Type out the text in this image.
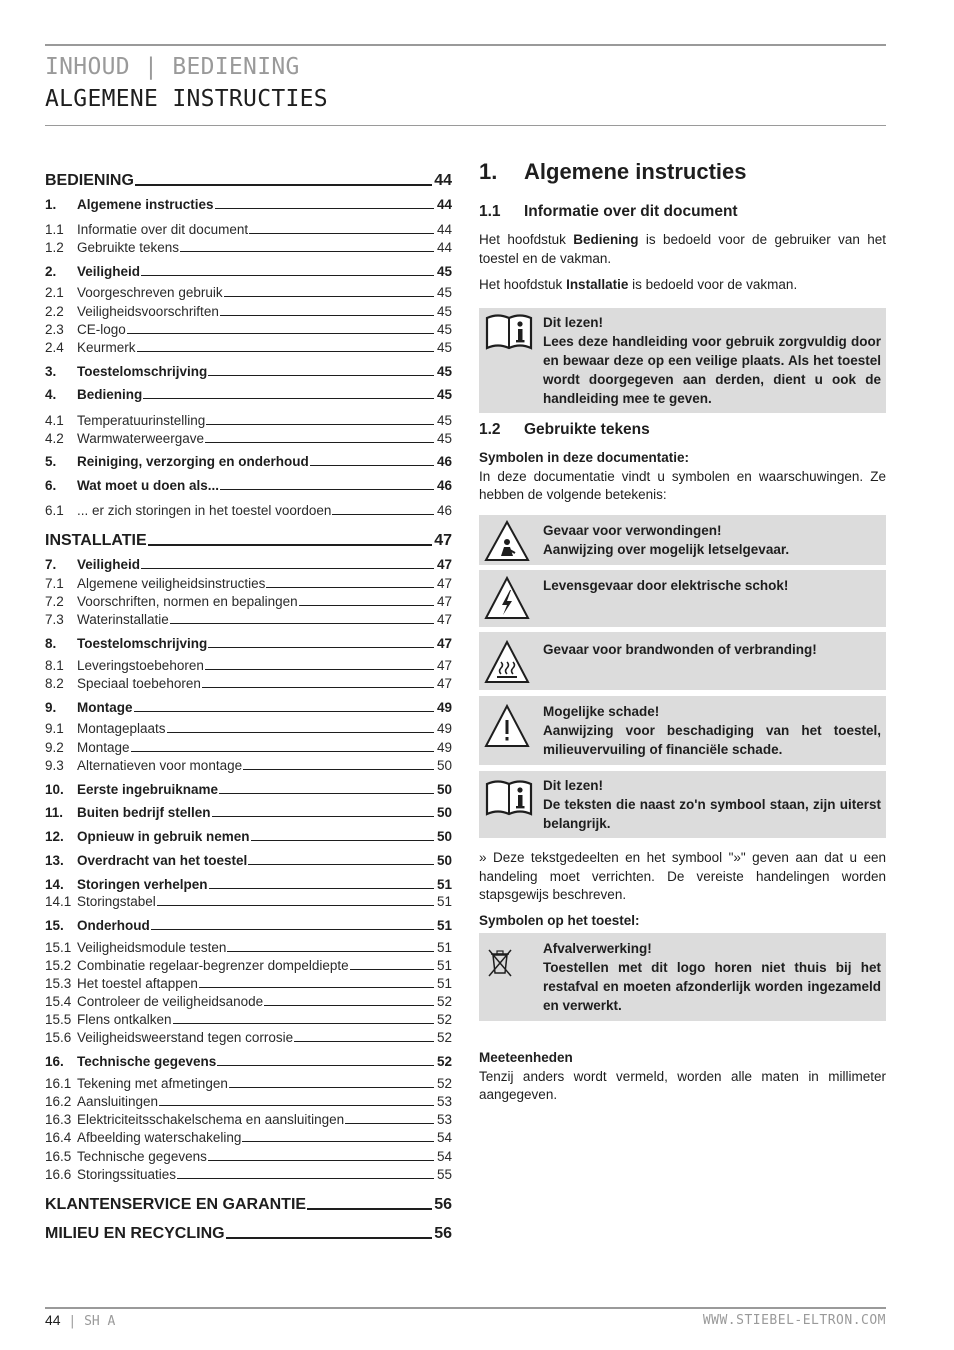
INHOUD | BEDIENING
ALGEMENE INSTRUCTIES
BEDIENING	44
1.	Algemene instructies	44
1.1 Informatie over dit document	44
1.2 Gebruikte tekens	44
2.	Veiligheid	45
2.1 Voorgeschreven gebruik	45
2.2 Veiligheidsvoorschriften	45
2.3 CE-logo	45
2.4 Keurmerk	45
3.	Toestelomschrijving	45
4.	Bediening	45
4.1 Temperatuurinstelling	45
4.2 Warmwaterweergave	45
5.	Reiniging, verzorging en onderhoud	46
6.	Wat moet u doen als...	46
6.1 ... er zich storingen in het toestel voordoen	46
INSTALLATIE	47
7.	Veiligheid	47
7.1 Algemene veiligheidsinstructies	47
7.2 Voorschriften, normen en bepalingen	47
7.3 Waterinstallatie	47
8.	Toestelomschrijving	47
8.1 Leveringstoebehoren	47
8.2 Speciaal toebehoren	47
9.	Montage	49
9.1 Montageplaats	49
9.2 Montage	49
9.3 Alternatieven voor montage	50
10. Eerste ingebruikname	50
11.	Buiten bedrijf stellen	50
12. Opnieuw in gebruik nemen	50
13. Overdracht van het toestel	50
14. Storingen verhelpen	51
14.1 Storingstabel	51
15. Onderhoud	51
15.1 Veiligheidsmodule testen	51
15.2 Combinatie regelaar-begrenzer dompeldiepte	51
15.3 Het toestel aftappen	51
15.4 Controleer de veiligheidsanode	52
15.5 Flens ontkalken	52
15.6 Veiligheidsweerstand tegen corrosie	52
16. Technische gegevens	52
16.1 Tekening met afmetingen	52
16.2 Aansluitingen	53
16.3 Elektriciteitsschakelschema en aansluitingen	53
16.4 Afbeelding waterschakeling	54
16.5 Technische gegevens	54
16.6 Storingssituaties	55
KLANTENSERVICE EN GARANTIE	56
MILIEU EN RECYCLING	56
1. Algemene instructies
1.1 Informatie over dit document
Het hoofdstuk Bediening is bedoeld voor de gebruiker van het toestel en de vakman.
Het hoofdstuk Installatie is bedoeld voor de vakman.
Dit lezen!
Lees deze handleiding voor gebruik zorgvuldig door en bewaar deze op een veilige plaats. Als het toestel wordt doorgegeven aan derden, dient u ook de handleiding mee te geven.
1.2 Gebruikte tekens
Symbolen in deze documentatie:
In deze documentatie vindt u symbolen en waarschuwingen. Ze hebben de volgende betekenis:
Gevaar voor verwondingen!
Aanwijzing over mogelijk letselgevaar.
Levensgevaar door elektrische schok!
Gevaar voor brandwonden of verbranding!
Mogelijke schade!
Aanwijzing voor beschadiging van het toestel, milieuvervuiling of financiële schade.
Dit lezen!
De teksten die naast zo'n symbool staan, zijn uiterst belangrijk.
» Deze tekstgedeelten en het symbool "»" geven aan dat u een handeling moet verrichten. De vereiste handelingen worden stapsgewijs beschreven.
Symbolen op het toestel:
Afvalverwerking!
Toestellen met dit logo horen niet thuis bij het restafval en moeten afzonderlijk worden ingezameld en verwerkt.
Meeteenheden
Tenzij anders wordt vermeld, worden alle maten in millimeter aangegeven.
44 | SH A	WWW.STIEBEL-ELTRON.COM
